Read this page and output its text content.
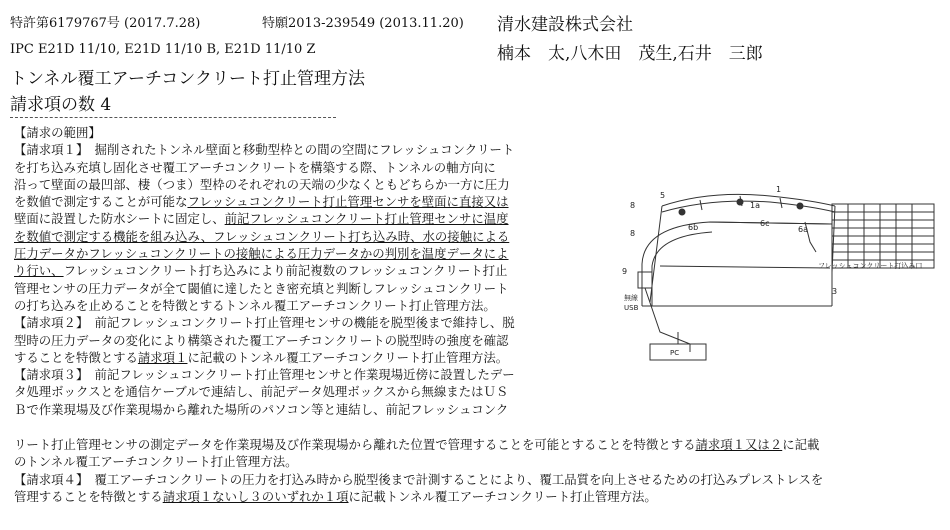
特許第6179767号 (2017.7.28)	特願2013-239549 (2013.11.20) 清水建設株式会社
IPC E21D 11/10, E21D 11/10 B, E21D 11/10 Z	楠本　太,八木田　茂生,石井　三郎
トンネル覆工アーチコンクリート打止管理方法
請求項の数 4
【請求の範囲】
【請求項１】　掘削されたトンネル壁面と移動型枠との間の空間にフレッシュコンクリート
を打ち込み充填し固化させ覆工アーチコンクリートを構築する際、トンネルの軸方向に
沿って壁面の最凹部、棲（つま）型枠のそれぞれの天端の少なくともどちらか一方に圧力
を数値で測定することが可能なフレッシュコンクリート打止管理センサを壁面に直接又は
壁面に設置した防水シートに固定し、前記フレッシュコンクリート打止管理センサに温度
を数値で測定する機能を組み込み、フレッシュコンクリート打ち込み時、水の接触による
圧力データかフレッシュコンクリートの接触による圧力データかの判別を温度データによ
り行い、フレッシュコンクリート打ち込みにより前記複数のフレッシュコンクリート打止
管理センサの圧力データが全て閾値に達したとき密充填と判断しフレッシュコンクリート
の打ち込みを止めることを特徴とするトンネル覆工アーチコンクリート打止管理方法。
【請求項２】　前記フレッシュコンクリート打止管理センサの機能を脱型後まで維持し、脱
型時の圧力データの変化により構築された覆工アーチコンクリートの脱型時の強度を確認
することを特徴とする請求項１に記載のトンネル覆工アーチコンクリート打止管理方法。
【請求項３】　前記フレッシュコンクリート打止管理センサと作業現場近傍に設置したデー
タ処理ボックスとを通信ケーブルで連結し、前記データ処理ボックスから無線またはＵＳ
Ｂで作業現場及び作業現場から離れた場所のパソコン等と連結し、前記フレッシュコンク
リート打止管理センサの測定データを作業現場及び作業現場から離れた位置で管理することを可能とすることを特徴とする請求項１又は２に記載
のトンネル覆工アーチコンクリート打止管理方法。
【請求項４】　覆工アーチコンクリートの圧力を打込み時から脱型後まで計測することにより、覆工品質を向上させるための打込みプレストレスを
管理することを特徴とする請求項１ないし３のいずれか１項に記載トンネル覆工アーチコンクリート打止管理方法。
1
1a
5
6b	6c
6a
8
8
9
3
フレッシュコンクリート打込み口
無線
USB
PC
